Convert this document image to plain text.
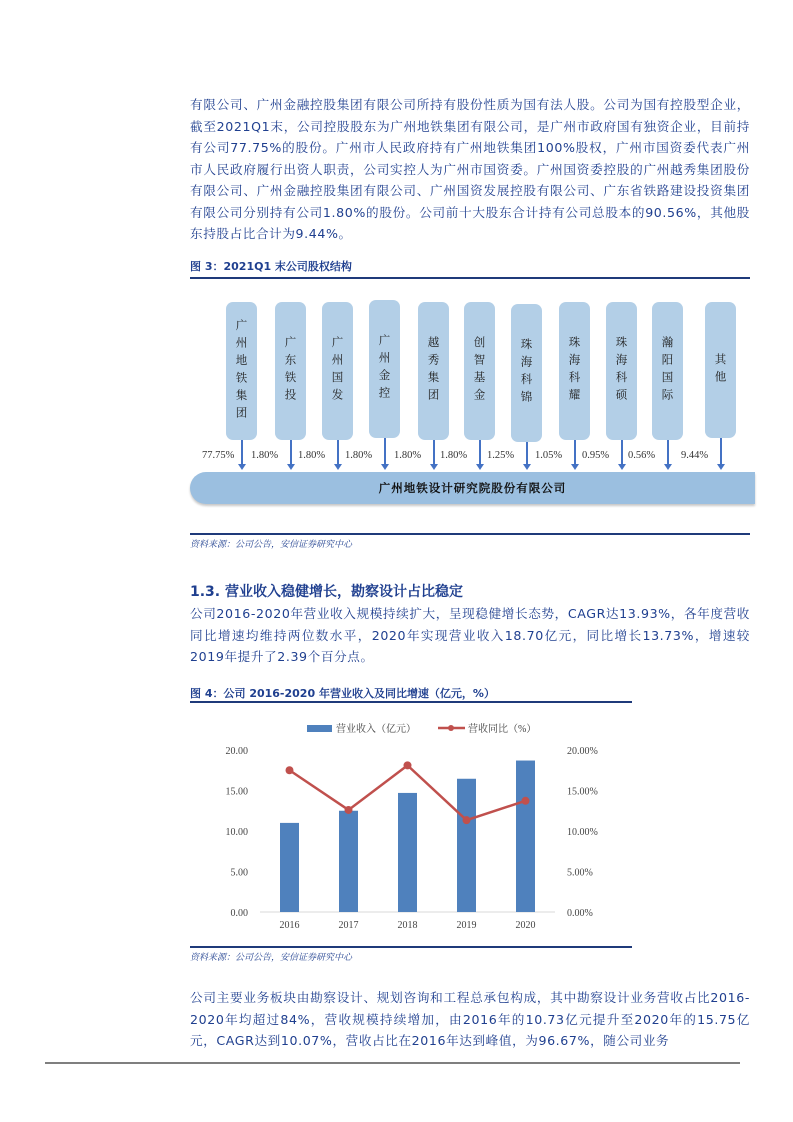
有限公司、广州金融控股集团有限公司所持有股份性质为国有法人股。公司为国有控股型企业，截至2021Q1末，公司控股股东为广州地铁集团有限公司，是广州市政府国有独资企业，目前持有公司77.75%的股份。广州市人民政府持有广州地铁集团100%股权，广州市国资委代表广州市人民政府履行出资人职责，公司实控人为广州市国资委。广州国资委控股的广州越秀集团股份有限公司、广州金融控股集团有限公司、广州国资发展控股有限公司、广东省铁路建设投资集团有限公司分别持有公司1.80%的股份。公司前十大股东合计持有公司总股本的90.56%，其他股东持股占比合计为9.44%。
图 3：2021Q1 末公司股权结构
广州地铁集团
77.75%
广东铁投
1.80%
广州国发
1.80%
广州金控
1.80%
越秀集团
1.80%
创智基金
1.80%
珠海科锦
1.25%
珠海科耀
1.05%
珠海科硕
0.95%
瀚阳国际
0.56%
其他
9.44%
广州地铁设计研究院股份有限公司
资料来源：公司公告，安信证券研究中心
1.3. 营业收入稳健增长，勘察设计占比稳定
公司2016-2020年营业收入规模持续扩大，呈现稳健增长态势，CAGR达13.93%，各年度营收同比增速均维持两位数水平，2020年实现营业收入18.70亿元，同比增长13.73%，增速较2019年提升了2.39个百分点。
图 4：公司 2016-2020 年营业收入及同比增速（亿元，%）
营业收入（亿元）	营收同比（%）
0.00
5.00
10.00
15.00
20.00
0.00%
5.00%
10.00%
15.00%
20.00%
2016	2017	2018	2019	2020
资料来源：公司公告，安信证券研究中心
公司主要业务板块由勘察设计、规划咨询和工程总承包构成，其中勘察设计业务营收占比2016-2020年均超过84%，营收规模持续增加，由2016年的10.73亿元提升至2020年的15.75亿元，CAGR达到10.07%，营收占比在2016年达到峰值，为96.67%，随公司业务
